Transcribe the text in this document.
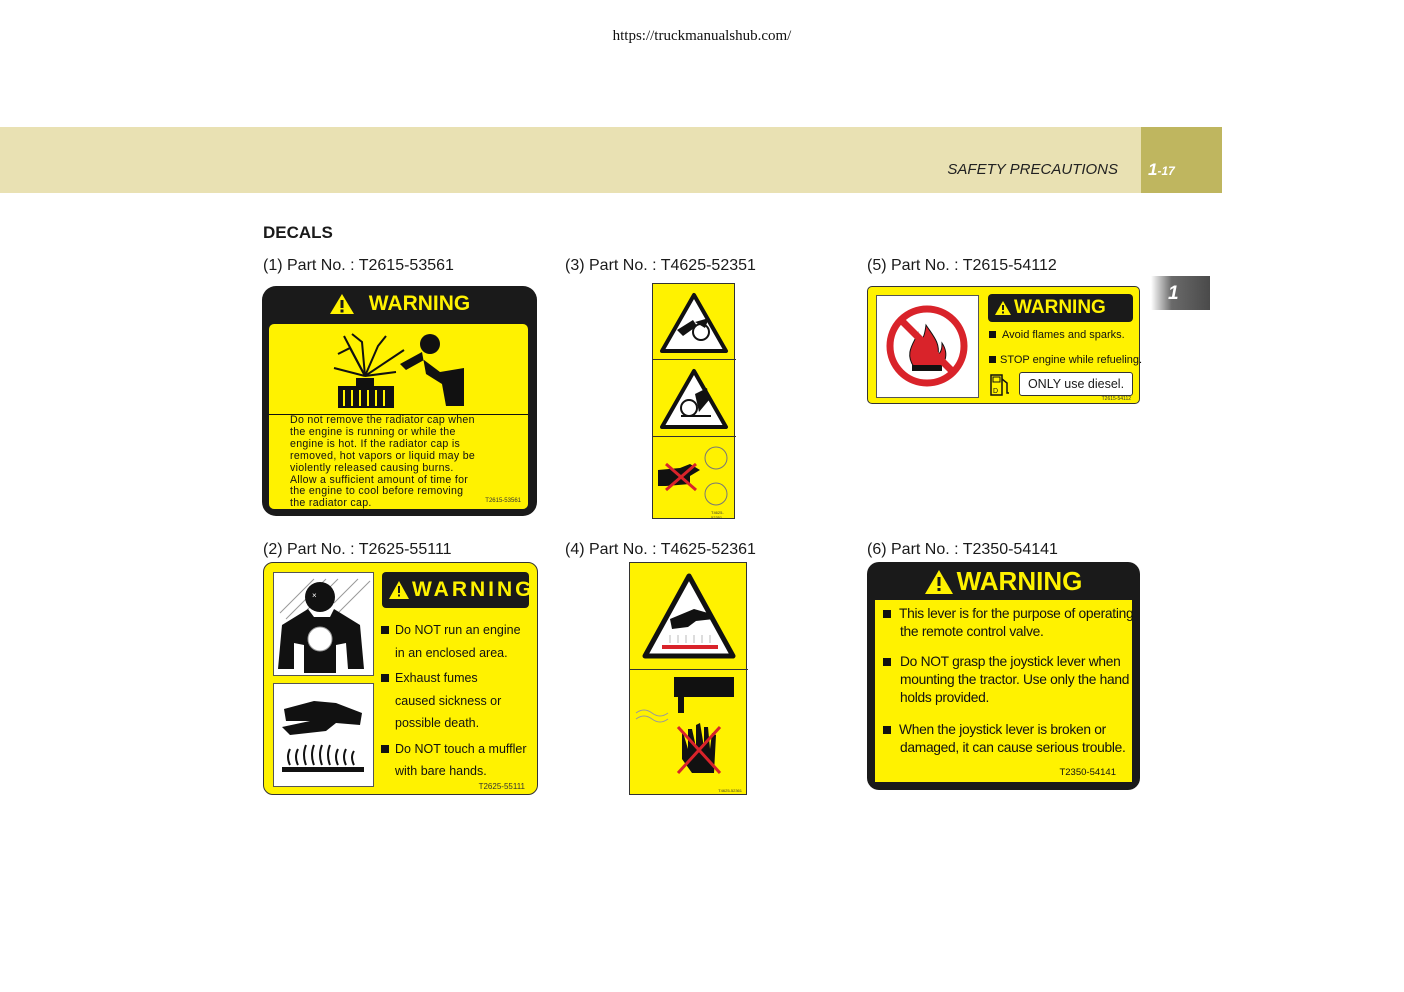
https://truckmanualshub.com/
SAFETY PRECAUTIONS 1-17
1
DECALS
(1) Part No. : T2615-53561	(3) Part No. : T4625-52351	(5) Part No. : T2615-54112
(2) Part No. : T2625-55111	(4) Part No. : T4625-52361	(6) Part No. : T2350-54141
WARNING
Do not remove the radiator cap when
the engine is running or while the
engine is hot. If the radiator cap is
removed, hot vapors or liquid may be
violently released causing burns.
Allow a sufficient amount of time for
the engine to cool before removing
the radiator cap.	T2615-53561
T4625-52351
WARNING
Avoid flames and sparks.
STOP engine while refueling.
D
ONLY use diesel.
T2615-54112
×	WARNING
Do NOT run an engine
in an enclosed area.
Exhaust fumes
caused sickness or
possible death.
Do NOT touch a muffler
with bare hands.
T2625-55111	T4625-52361
WARNING
This lever is for the purpose of operating
the remote control valve.
Do NOT grasp the joystick lever when
mounting the tractor. Use only the hand
holds provided.
When the joystick lever is broken or
damaged, it can cause serious trouble.
T2350-54141
